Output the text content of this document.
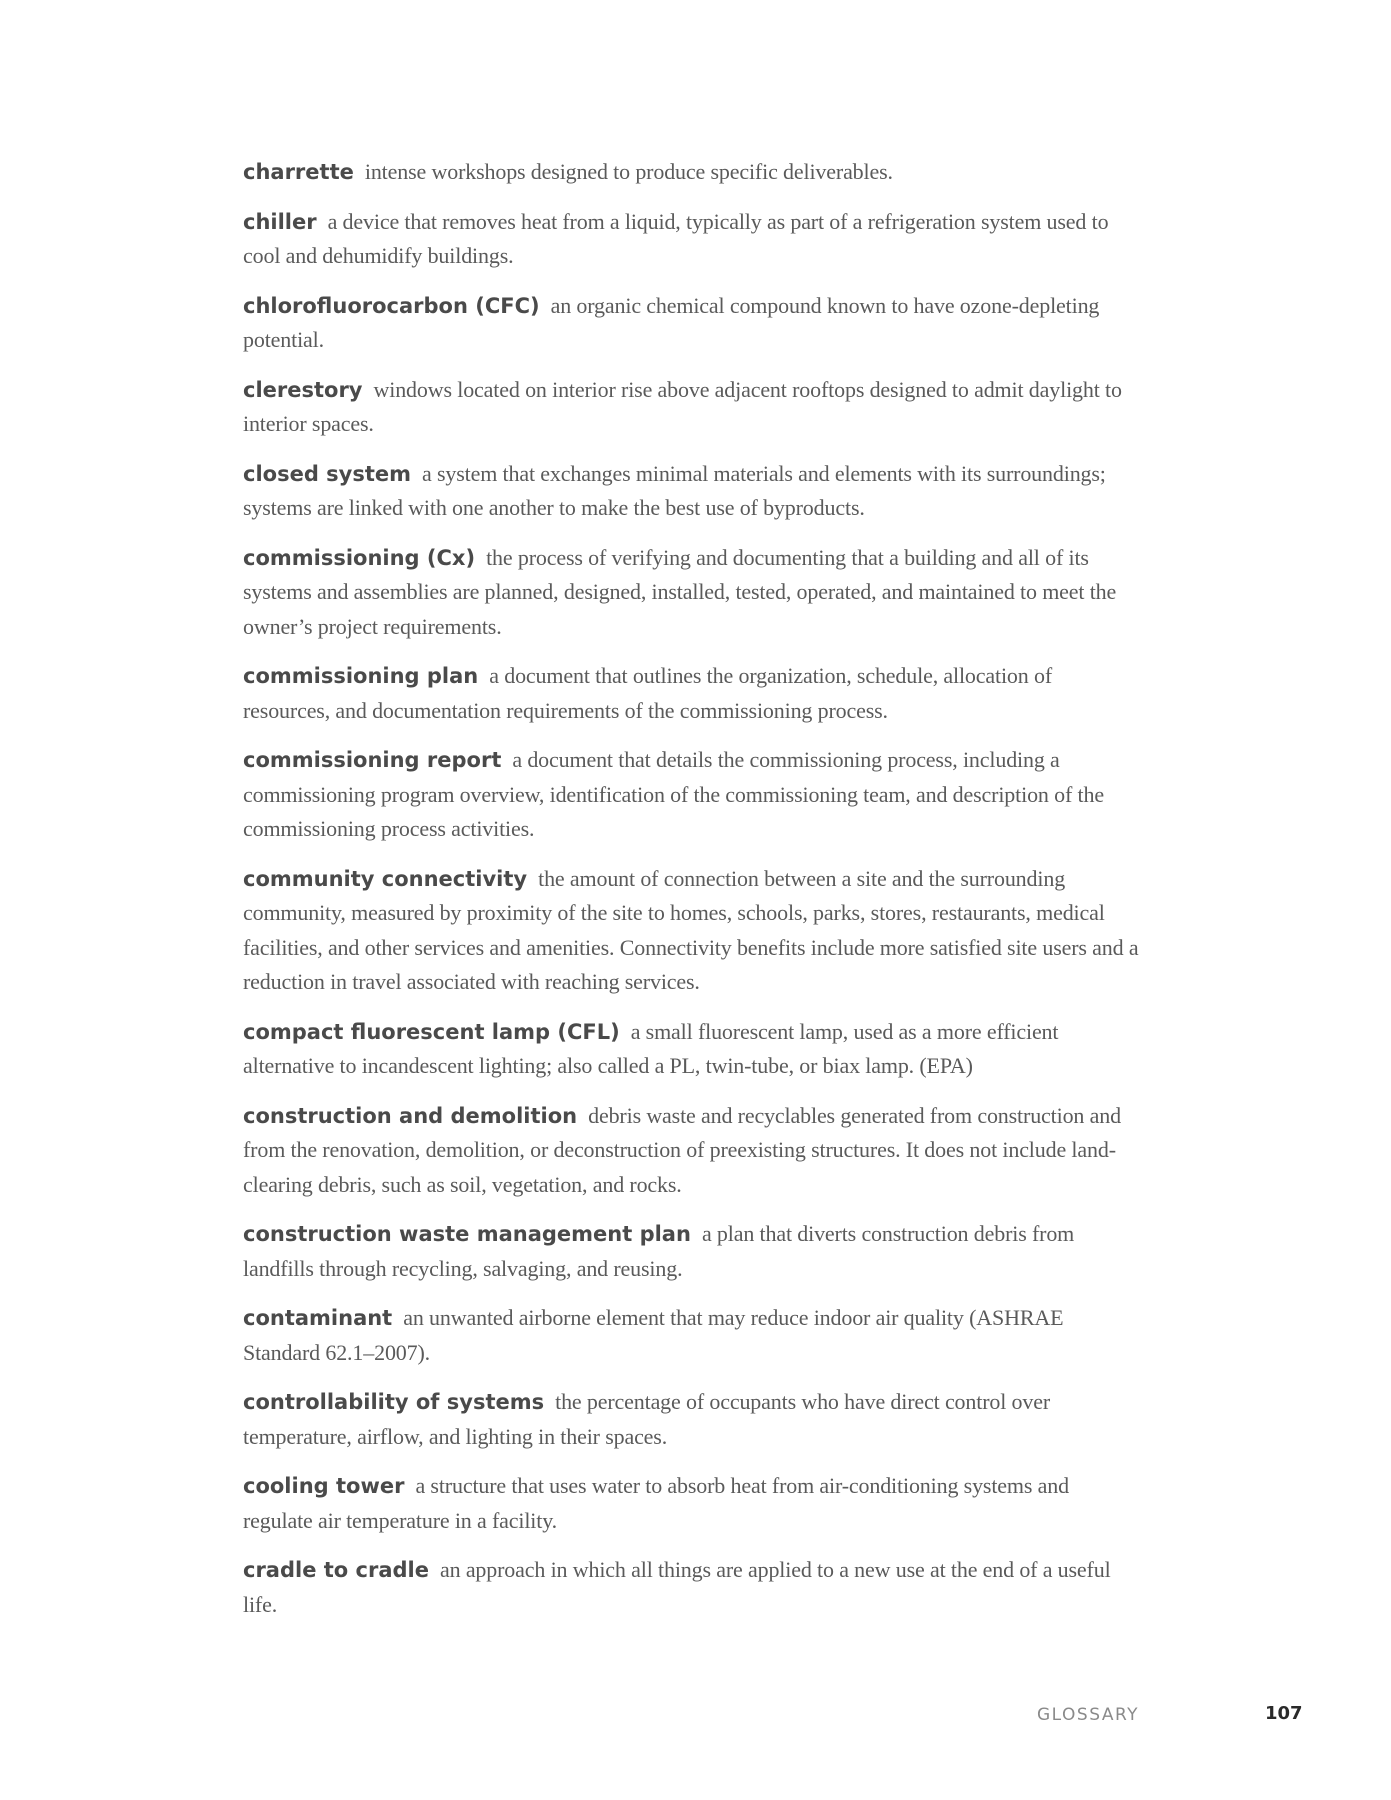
charrette intense workshops designed to produce specific deliverables.

chiller a device that removes heat from a liquid, typically as part of a refrigeration system used to cool and dehumidify buildings.

chlorofluorocarbon (CFC) an organic chemical compound known to have ozone-depleting potential.

clerestory windows located on interior rise above adjacent rooftops designed to admit daylight to interior spaces.

closed system a system that exchanges minimal materials and elements with its surroundings; systems are linked with one another to make the best use of byproducts.

commissioning (Cx) the process of verifying and documenting that a building and all of its systems and assemblies are planned, designed, installed, tested, operated, and maintained to meet the owner’s project requirements.

commissioning plan a document that outlines the organization, schedule, allocation of resources, and documentation requirements of the commissioning process.

commissioning report a document that details the commissioning process, including a commissioning program overview, identification of the commissioning team, and description of the commissioning process activities.

community connectivity the amount of connection between a site and the surrounding community, measured by proximity of the site to homes, schools, parks, stores, restaurants, medical facilities, and other services and amenities. Connectivity benefits include more satisfied site users and a reduction in travel associated with reaching services.

compact fluorescent lamp (CFL) a small fluorescent lamp, used as a more efficient alternative to incandescent lighting; also called a PL, twin-tube, or biax lamp. (EPA)

construction and demolition debris waste and recyclables generated from construction and from the renovation, demolition, or deconstruction of preexisting structures. It does not include land-clearing debris, such as soil, vegetation, and rocks.

construction waste management plan a plan that diverts construction debris from landfills through recycling, salvaging, and reusing.

contaminant an unwanted airborne element that may reduce indoor air quality (ASHRAE Standard 62.1–2007).

controllability of systems the percentage of occupants who have direct control over temperature, airflow, and lighting in their spaces.

cooling tower a structure that uses water to absorb heat from air-conditioning systems and regulate air temperature in a facility.

cradle to cradle an approach in which all things are applied to a new use at the end of a useful life.

GLOSSARY	107
